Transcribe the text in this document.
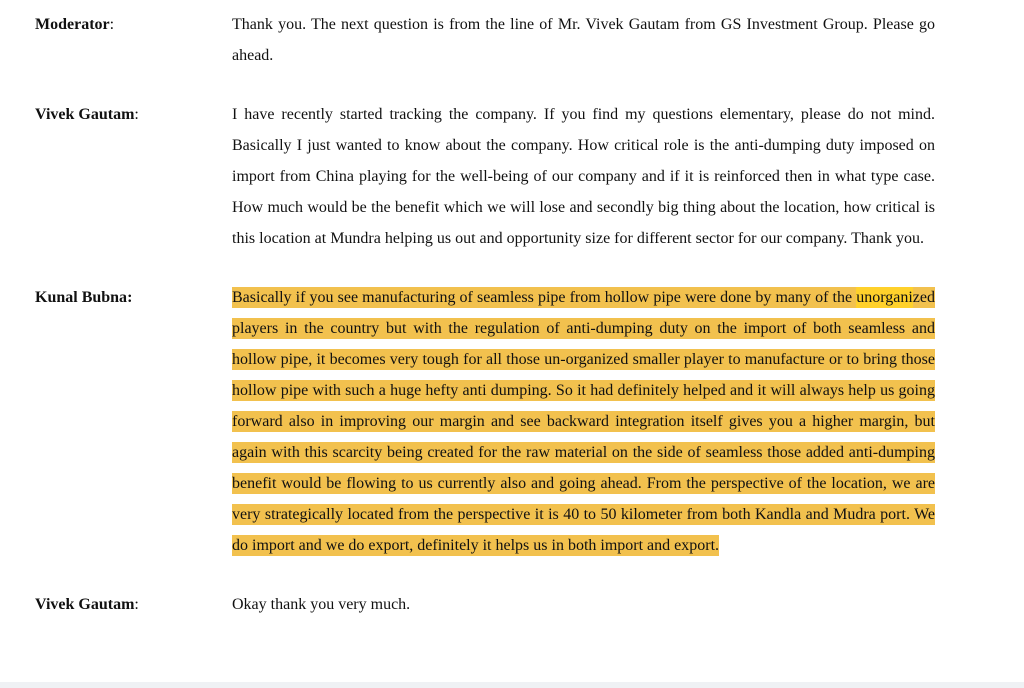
Moderator:	Thank you. The next question is from the line of Mr. Vivek Gautam from GS Investment Group. Please go ahead.
Vivek Gautam:	I have recently started tracking the company. If you find my questions elementary, please do not mind. Basically I just wanted to know about the company. How critical role is the anti-dumping duty imposed on import from China playing for the well-being of our company and if it is reinforced then in what type case. How much would be the benefit which we will lose and secondly big thing about the location, how critical is this location at Mundra helping us out and opportunity size for different sector for our company. Thank you.
Kunal Bubna:	Basically if you see manufacturing of seamless pipe from hollow pipe were done by many of the unorganized players in the country but with the regulation of anti-dumping duty on the import of both seamless and hollow pipe, it becomes very tough for all those un-organized smaller player to manufacture or to bring those hollow pipe with such a huge hefty anti dumping. So it had definitely helped and it will always help us going forward also in improving our margin and see backward integration itself gives you a higher margin, but again with this scarcity being created for the raw material on the side of seamless those added anti-dumping benefit would be flowing to us currently also and going ahead. From the perspective of the location, we are very strategically located from the perspective it is 40 to 50 kilometer from both Kandla and Mudra port. We do import and we do export, definitely it helps us in both import and export.
Vivek Gautam:	Okay thank you very much.
